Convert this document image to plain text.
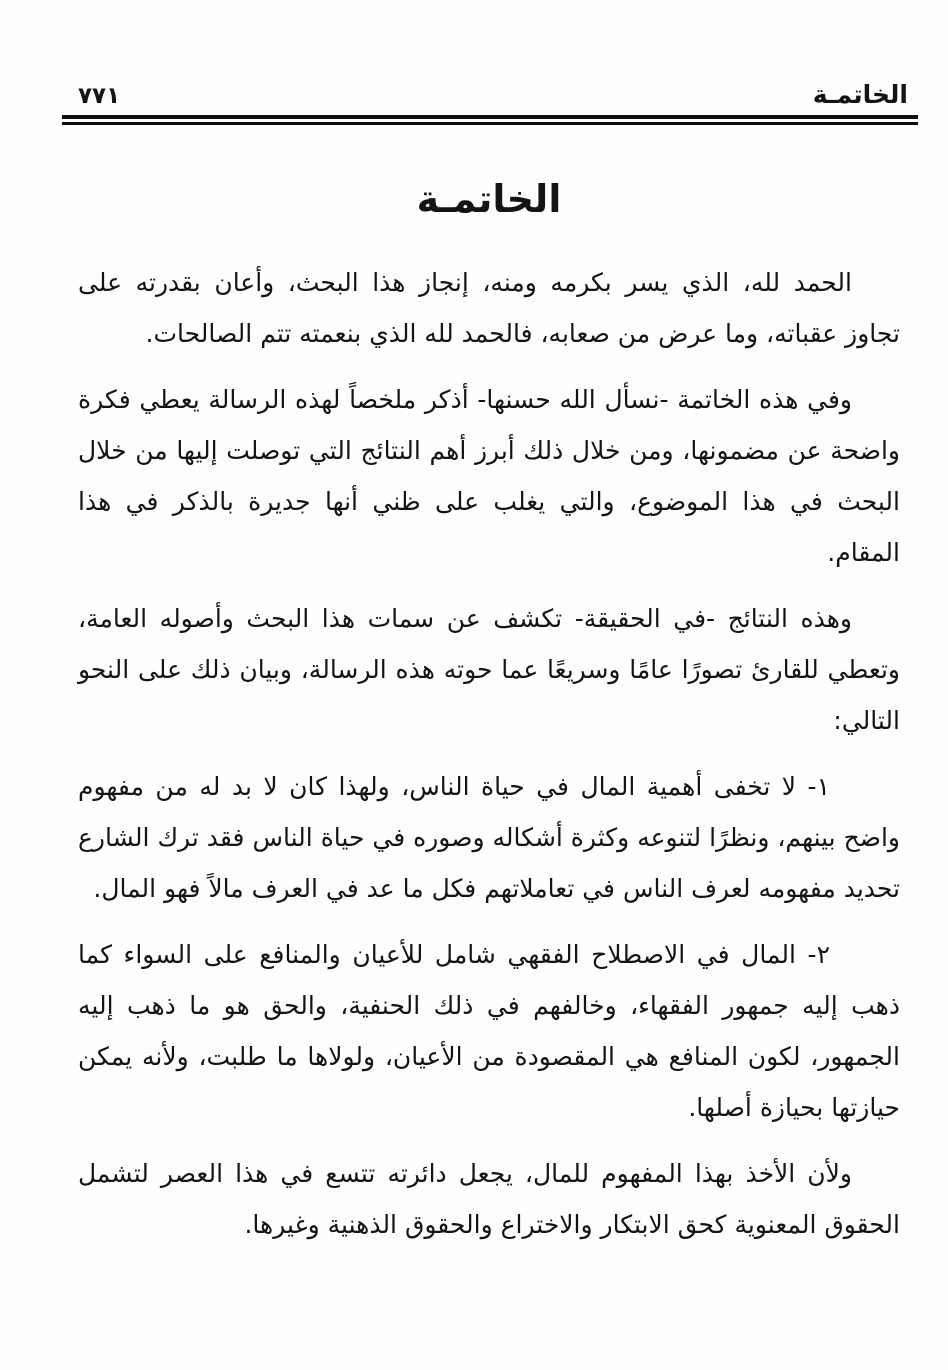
٧٧١	الخاتمـة
الخاتمـة

الحمد لله، الذي يسر بكرمه ومنه، إنجاز هذا البحث، وأعان بقدرته على تجاوز عقباته، وما عرض من صعابه، فالحمد لله الذي بنعمته تتم الصالحات.

وفي هذه الخاتمة -نسأل الله حسنها- أذكر ملخصاً لهذه الرسالة يعطي فكرة واضحة عن مضمونها، ومن خلال ذلك أبرز أهم النتائج التي توصلت إليها من خلال البحث في هذا الموضوع، والتي يغلب على ظني أنها جديرة بالذكر في هذا المقام.

وهذه النتائج -في الحقيقة- تكشف عن سمات هذا البحث وأصوله العامة، وتعطي للقارئ تصورًا عامًا وسريعًا عما حوته هذه الرسالة، وبيان ذلك على النحو التالي:

١- لا تخفى أهمية المال في حياة الناس، ولهذا كان لا بد له من مفهوم واضح بينهم، ونظرًا لتنوعه وكثرة أشكاله وصوره في حياة الناس فقد ترك الشارع تحديد مفهومه لعرف الناس في تعاملاتهم فكل ما عد في العرف مالاً فهو المال.

٢- المال في الاصطلاح الفقهي شامل للأعيان والمنافع على السواء كما ذهب إليه جمهور الفقهاء، وخالفهم في ذلك الحنفية، والحق هو ما ذهب إليه الجمهور، لكون المنافع هي المقصودة من الأعيان، ولولاها ما طلبت، ولأنه يمكن حيازتها بحيازة أصلها.

ولأن الأخذ بهذا المفهوم للمال، يجعل دائرته تتسع في هذا العصر لتشمل الحقوق المعنوية كحق الابتكار والاختراع والحقوق الذهنية وغيرها.
